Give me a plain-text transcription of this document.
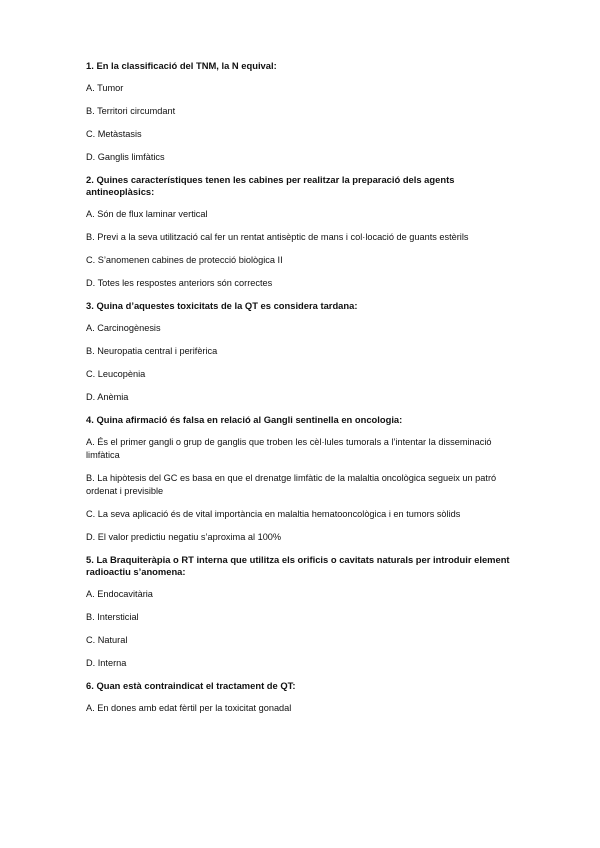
1. En la classificació del TNM, la N equival:

A. Tumor

B. Territori circumdant

C. Metàstasis

D. Ganglis limfàtics

2. Quines característiques tenen les cabines per realitzar la preparació dels agents antineoplàsics:

A. Són de flux laminar vertical

B. Previ a la seva utilització cal fer un rentat antisèptic de mans i col·locació de guants estèrils

C. S’anomenen cabines de protecció biològica II

D. Totes les respostes anteriors són correctes

3. Quina d’aquestes toxicitats de la QT es considera tardana:

A. Carcinogènesis

B. Neuropatia central i perifèrica

C. Leucopènia

D. Anèmia

4. Quina afirmació és falsa en relació al Gangli sentinella en oncologia:

A. És el primer gangli o grup de ganglis que troben les cèl·lules tumorals a l’intentar la disseminació limfàtica

B. La hipòtesis del GC es basa en que el drenatge limfàtic de la malaltia oncològica segueix un patró ordenat i previsible

C. La seva aplicació és de vital importància en malaltia hematooncològica i en tumors sòlids

D. El valor predictiu negatiu s’aproxima al 100%

5. La Braquiteràpia o RT interna que utilitza els orificis o cavitats naturals per introduir element radioactiu s’anomena:

A. Endocavitària

B. Intersticial

C. Natural

D. Interna

6. Quan està contraindicat el tractament de QT:

A. En dones amb edat fèrtil per la toxicitat gonadal
